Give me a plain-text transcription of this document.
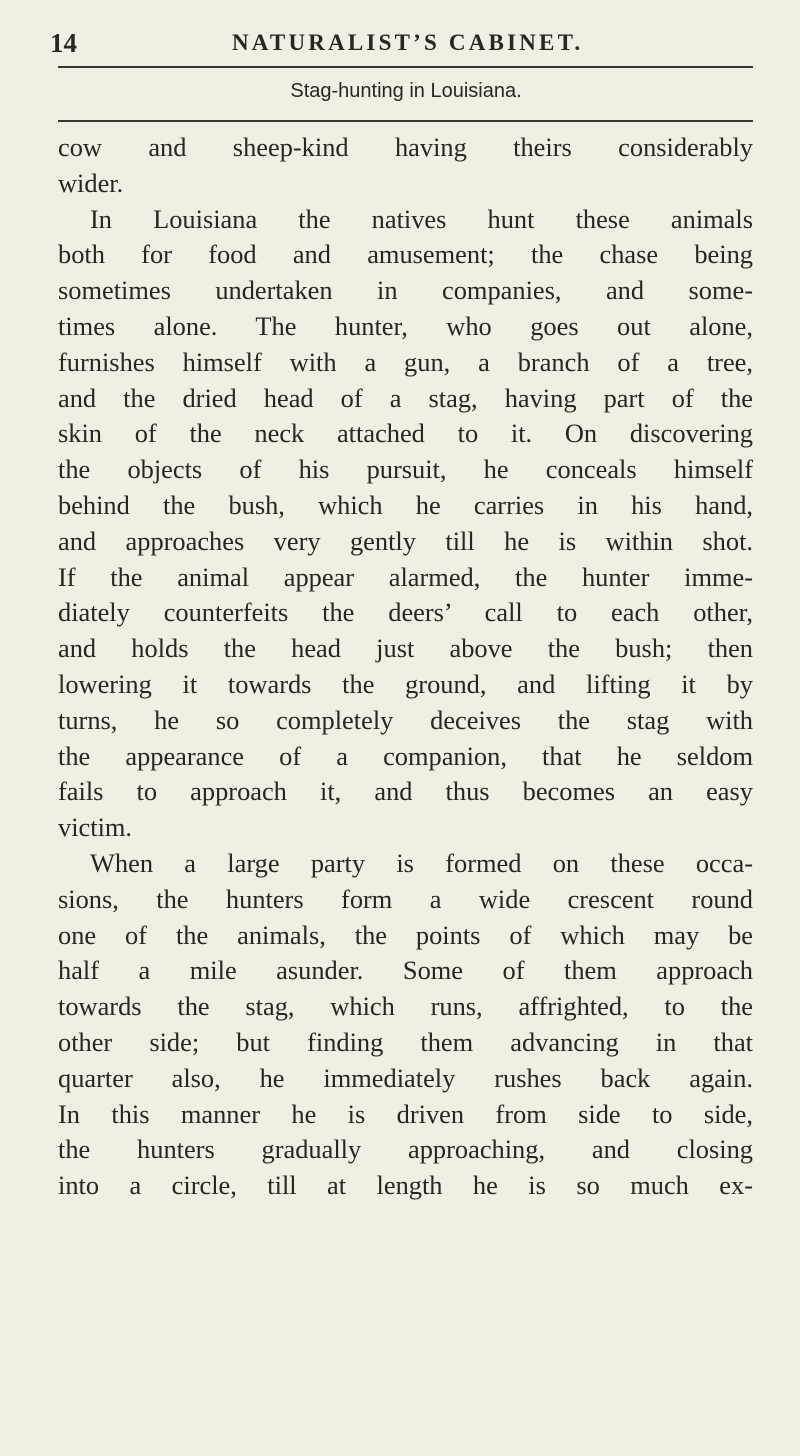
14	NATURALIST’S CABINET.
Stag-hunting in Louisiana.
cow and sheep-kind having theirs considerably
wider.
In Louisiana the natives hunt these animals
both for food and amusement; the chase being
sometimes undertaken in companies, and some-
times alone. The hunter, who goes out alone,
furnishes himself with a gun, a branch of a tree,
and the dried head of a stag, having part of the
skin of the neck attached to it. On discovering
the objects of his pursuit, he conceals himself
behind the bush, which he carries in his hand,
and approaches very gently till he is within shot.
If the animal appear alarmed, the hunter imme-
diately counterfeits the deers’ call to each other,
and holds the head just above the bush; then
lowering it towards the ground, and lifting it by
turns, he so completely deceives the stag with
the appearance of a companion, that he seldom
fails to approach it, and thus becomes an easy
victim.
When a large party is formed on these occa-
sions, the hunters form a wide crescent round
one of the animals, the points of which may be
half a mile asunder. Some of them approach
towards the stag, which runs, affrighted, to the
other side; but finding them advancing in that
quarter also, he immediately rushes back again.
In this manner he is driven from side to side,
the hunters gradually approaching, and closing
into a circle, till at length he is so much ex-
